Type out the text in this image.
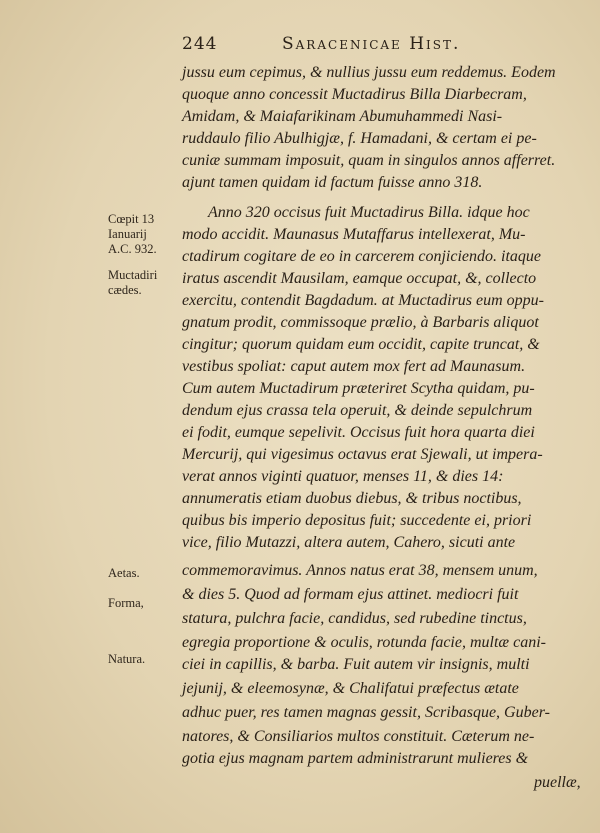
244	Saracenicae Hist.
Cœpit 13
Ianuarij
A.C. 932.
Muctadiri
cædes.
Aetas.
Forma,
Natura.
jussu eum cepimus, & nullius jussu eum reddemus. Eodem
quoque anno concessit Muctadirus Billa Diarbecram,
Amidam, & Maiafarikinam Abumuhammedi Nasi-
ruddaulo filio Abulhigjæ, f. Hamadani, & certam ei pe-
cuniæ summam imposuit, quam in singulos annos afferret.
ajunt tamen quidam id factum fuisse anno 318.
Anno 320 occisus fuit Muctadirus Billa. idque hoc
modo accidit. Maunasus Mutaffarus intellexerat, Mu-
ctadirum cogitare de eo in carcerem conjiciendo. itaque
iratus ascendit Mausilam, eamque occupat, &, collecto
exercitu, contendit Bagdadum. at Muctadirus eum oppu-
gnatum prodit, commissoque prælio, à Barbaris aliquot
cingitur; quorum quidam eum occidit, capite truncat, &
vestibus spoliat: caput autem mox fert ad Maunasum.
Cum autem Muctadirum præteriret Scytha quidam, pu-
dendum ejus crassa tela operuit, & deinde sepulchrum
ei fodit, eumque sepelivit. Occisus fuit hora quarta diei
Mercurij, qui vigesimus octavus erat Sjewali, ut impera-
verat annos viginti quatuor, menses 11, & dies 14:
annumeratis etiam duobus diebus, & tribus noctibus,
quibus bis imperio depositus fuit; succedente ei, priori
vice, filio Mutazzi, altera autem, Cahero, sicuti ante
commemoravimus. Annos natus erat 38, mensem unum,
& dies 5. Quod ad formam ejus attinet. mediocri fuit
statura, pulchra facie, candidus, sed rubedine tinctus,
egregia proportione & oculis, rotunda facie, multæ cani-
ciei in capillis, & barba. Fuit autem vir insignis, multi
jejunij, & eleemosynæ, & Chalifatui præfectus ætate
adhuc puer, res tamen magnas gessit, Scribasque, Guber-
natores, & Consiliarios multos constituit. Cæterum ne-
gotia ejus magnam partem administrarunt mulieres &
puellæ,
